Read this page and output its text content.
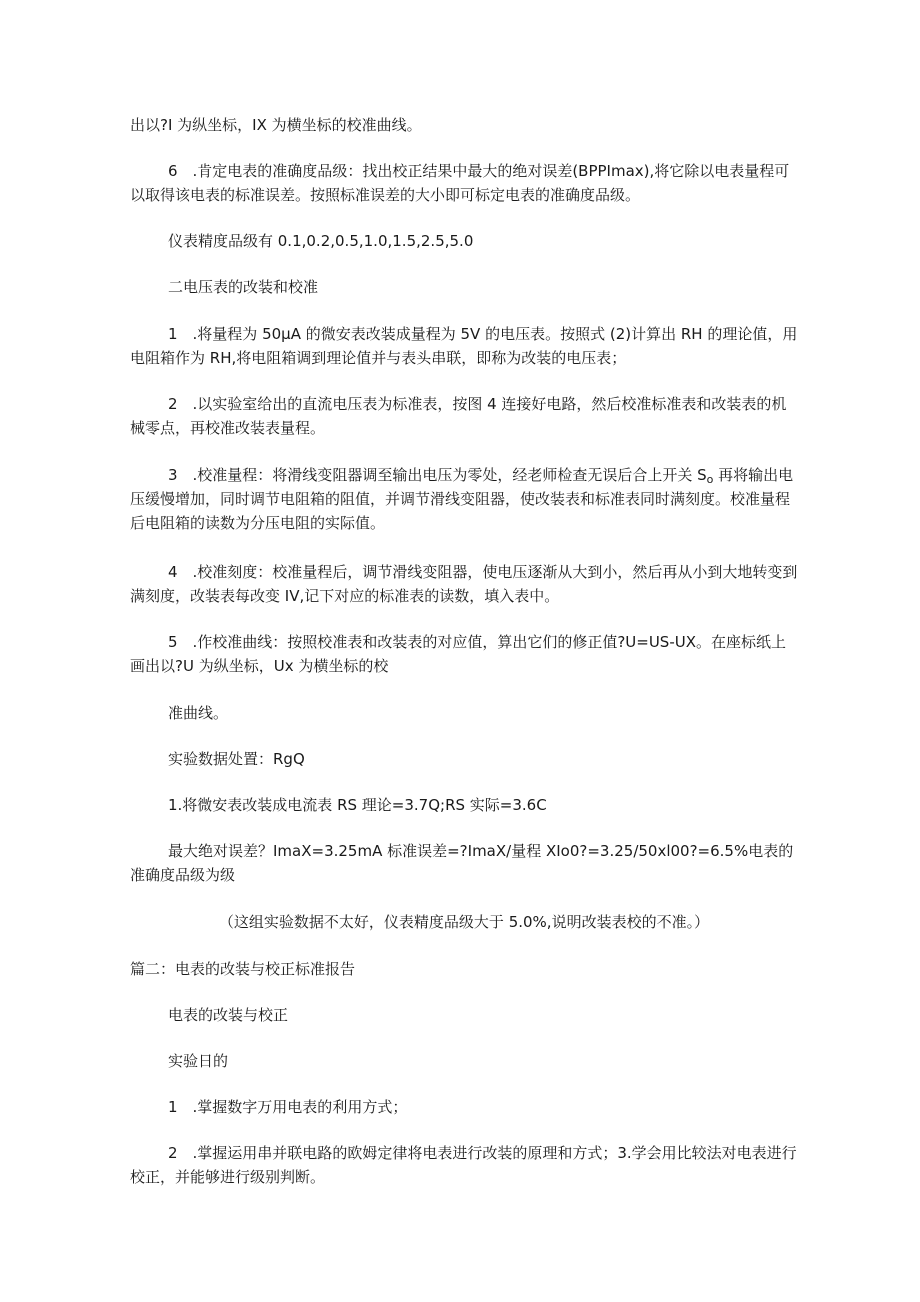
出以?I 为纵坐标，IX 为横坐标的校准曲线。

6　.肯定电表的准确度品级：找出校正结果中最大的绝对误差(BPPImax),将它除以电表量程可以取得该电表的标准误差。按照标准误差的大小即可标定电表的准确度品级。

仪表精度品级有 0.1,0.2,0.5,1.0,1.5,2.5,5.0

二电压表的改装和校准

1　.将量程为 50μA 的微安表改装成量程为 5V 的电压表。按照式 (2)计算出 RH 的理论值，用电阻箱作为 RH,将电阻箱调到理论值并与表头串联，即称为改装的电压表；

2　.以实验室给出的直流电压表为标准表，按图 4 连接好电路，然后校准标准表和改装表的机械零点，再校准改装表量程。

3　.校准量程：将滑线变阻器调至输出电压为零处，经老师检查无误后合上开关 $S_o$ 再将输出电压缓慢增加，同时调节电阻箱的阻值，并调节滑线变阻器，使改装表和标准表同时满刻度。校准量程后电阻箱的读数为分压电阻的实际值。

4　.校准刻度：校准量程后，调节滑线变阻器，使电压逐渐从大到小，然后再从小到大地转变到满刻度，改装表每改变 IV,记下对应的标准表的读数，填入表中。

5　.作校准曲线：按照校准表和改装表的对应值，算出它们的修正值?U=US-UX。在座标纸上画出以?U 为纵坐标，Ux 为横坐标的校

准曲线。

实验数据处置：RgQ

1.将微安表改装成电流表 RS 理论=3.7Q;RS 实际=3.6C

最大绝对误差？ImaX=3.25mA 标准误差=?ImaX/量程 XIo0?=3.25/50xl00?=6.5%电表的准确度品级为级

（这组实验数据不太好，仪表精度品级大于 5.0%,说明改装表校的不准。）

篇二：电表的改装与校正标准报告

电表的改装与校正

实验日的

1　.掌握数字万用电表的利用方式；

2　.掌握运用串并联电路的欧姆定律将电表进行改装的原理和方式；3.学会用比较法对电表进行校正，并能够进行级别判断。
